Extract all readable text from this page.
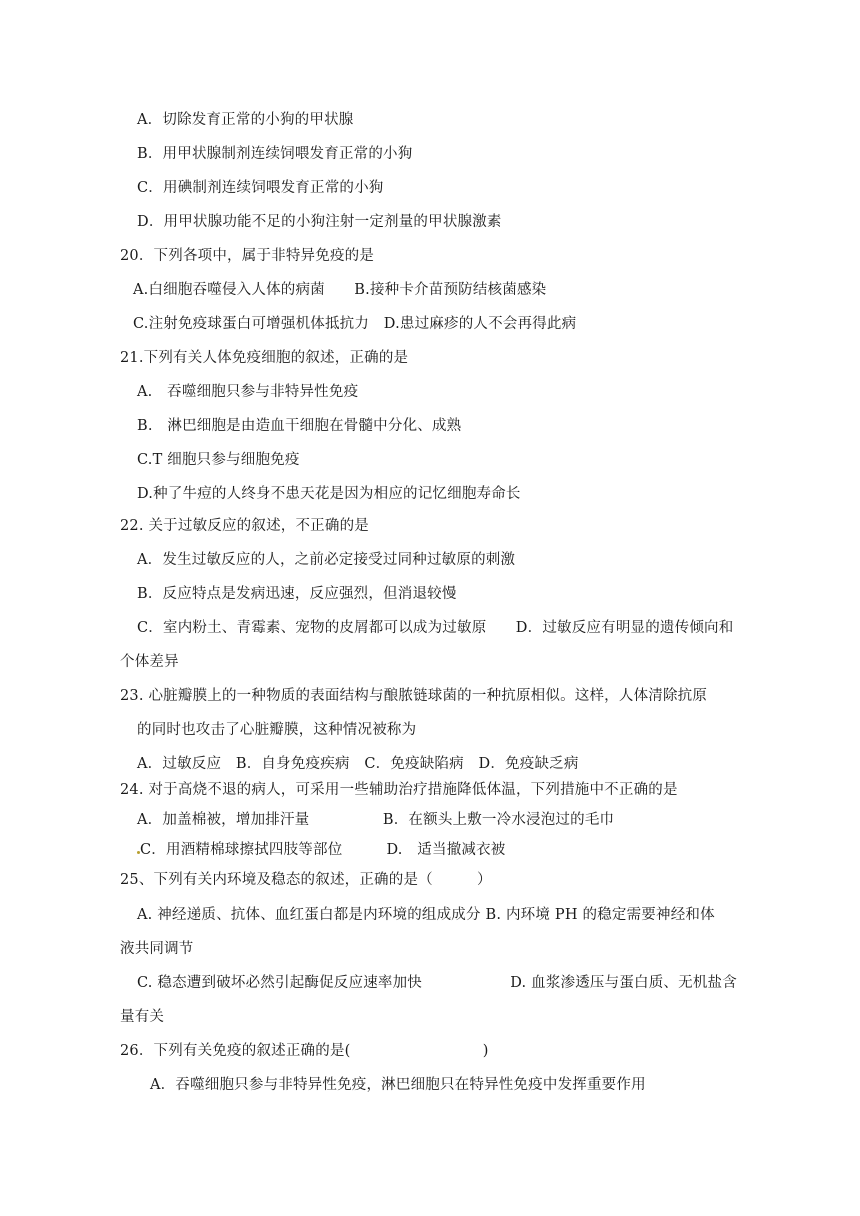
A．切除发育正常的小狗的甲状腺
B．用甲状腺制剂连续饲喂发育正常的小狗
C．用碘制剂连续饲喂发育正常的小狗
D．用甲状腺功能不足的小狗注射一定剂量的甲状腺激素
20．下列各项中，属于非特异免疫的是
A.白细胞吞噬侵入人体的病菌　　B.接种卡介苗预防结核菌感染
C.注射免疫球蛋白可增强机体抵抗力　D.患过麻疹的人不会再得此病
21.下列有关人体免疫细胞的叙述，正确的是
A.　吞噬细胞只参与非特异性免疫
B.　淋巴细胞是由造血干细胞在骨髓中分化、成熟
C.T 细胞只参与细胞免疫
D.种了牛痘的人终身不患天花是因为相应的记忆细胞寿命长
22. 关于过敏反应的叙述，不正确的是
A．发生过敏反应的人，之前必定接受过同种过敏原的刺激
B．反应特点是发病迅速，反应强烈，但消退较慢
C．室内粉土、青霉素、宠物的皮屑都可以成为过敏原　　D．过敏反应有明显的遗传倾向和
个体差异
23. 心脏瓣膜上的一种物质的表面结构与酿脓链球菌的一种抗原相似。这样，人体清除抗原
的同时也攻击了心脏瓣膜，这种情况被称为
A．过敏反应　B．自身免疫疾病　C．免疫缺陷病　D．免疫缺乏病
24. 对于高烧不退的病人，可采用一些辅助治疗措施降低体温，下列措施中不正确的是
A．加盖棉被，增加排汗量　　　　　B．在额头上敷一冷水浸泡过的毛巾
C．用酒精棉球擦拭四肢等部位　　　D.　适当撤减衣被
25、下列有关内环境及稳态的叙述，正确的是（　　　）
A. 神经递质、抗体、血红蛋白都是内环境的组成成分 B. 内环境 PH 的稳定需要神经和体
液共同调节
C. 稳态遭到破坏必然引起酶促反应速率加快　　　　　　D. 血浆渗透压与蛋白质、无机盐含
量有关
26．下列有关免疫的叙述正确的是(　　　　　　　　　)
A．吞噬细胞只参与非特异性免疫，淋巴细胞只在特异性免疫中发挥重要作用
